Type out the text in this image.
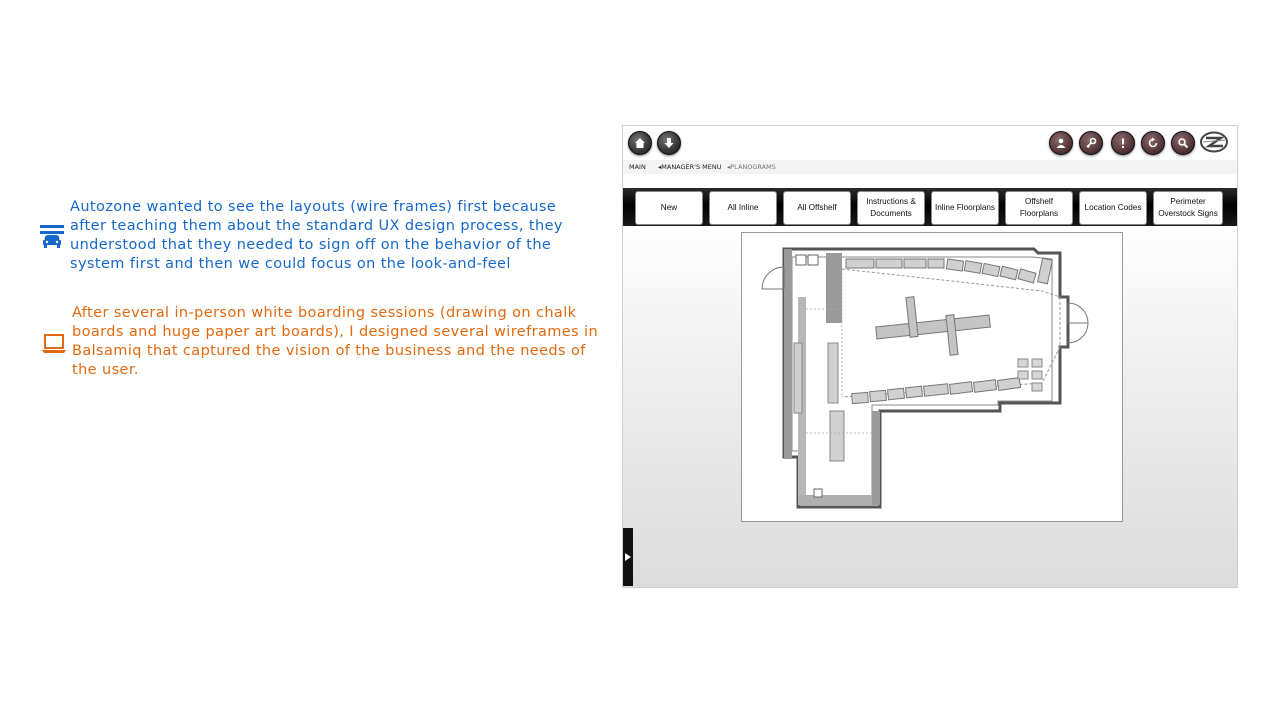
Autozone wanted to see the layouts (wire frames) first because after teaching them about the standard UX design process, they understood that they needed to sign off on the behavior of the system first and then we could focus on the look-and-feel
After several in-person white boarding sessions (drawing on chalk boards and huge paper art boards), I designed several wireframes in Balsamiq that captured the vision of the business and the needs of the user.
MAIN ◂MANAGER'S MENU ◂PLANOGRAMS
New	All Inline	All Offshelf
Instructions & Documents
Inline Floorplans
Offshelf Floorplans
Location Codes
Perimeter Overstock Signs
